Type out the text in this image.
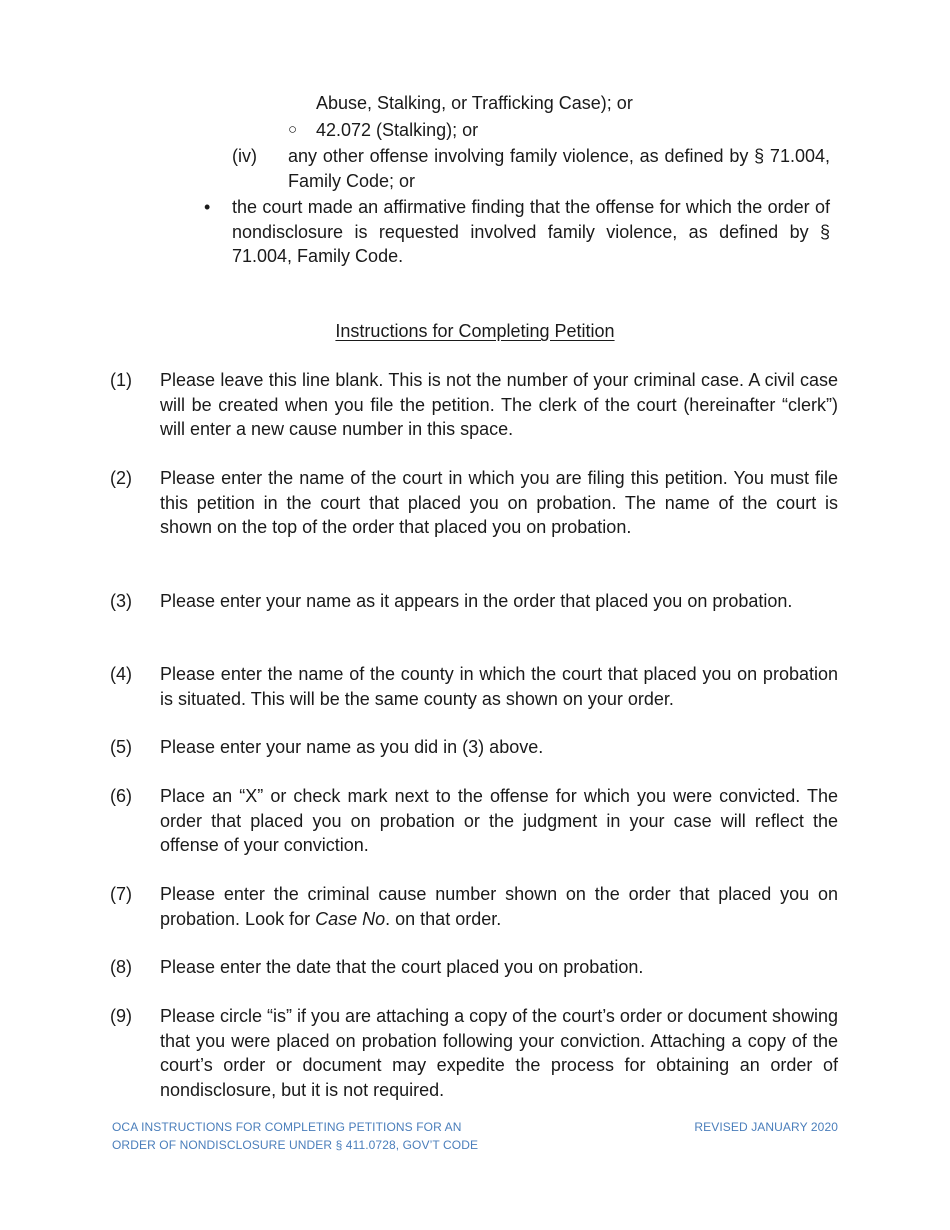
Abuse, Stalking, or Trafficking Case); or
○	42.072 (Stalking); or
(iv)	any other offense involving family violence, as defined by § 71.004, Family Code; or
•	the court made an affirmative finding that the offense for which the order of nondisclosure is requested involved family violence, as defined by § 71.004, Family Code.
Instructions for Completing Petition
(1)	Please leave this line blank. This is not the number of your criminal case. A civil case will be created when you file the petition. The clerk of the court (hereinafter “clerk”) will enter a new cause number in this space.
(2)	Please enter the name of the court in which you are filing this petition. You must file this petition in the court that placed you on probation. The name of the court is shown on the top of the order that placed you on probation.
(3)	Please enter your name as it appears in the order that placed you on probation.
(4)	Please enter the name of the county in which the court that placed you on probation is situated. This will be the same county as shown on your order.
(5)	Please enter your name as you did in (3) above.
(6)	Place an “X” or check mark next to the offense for which you were convicted. The order that placed you on probation or the judgment in your case will reflect the offense of your conviction.
(7)	Please enter the criminal cause number shown on the order that placed you on probation. Look for Case No. on that order.
(8)	Please enter the date that the court placed you on probation.
(9)	Please circle “is” if you are attaching a copy of the court’s order or document showing that you were placed on probation following your conviction. Attaching a copy of the court’s order or document may expedite the process for obtaining an order of nondisclosure, but it is not required.
OCA INSTRUCTIONS FOR COMPLETING PETITIONS FOR AN
ORDER OF NONDISCLOSURE UNDER § 411.0728, GOV’T CODE
REVISED JANUARY 2020
